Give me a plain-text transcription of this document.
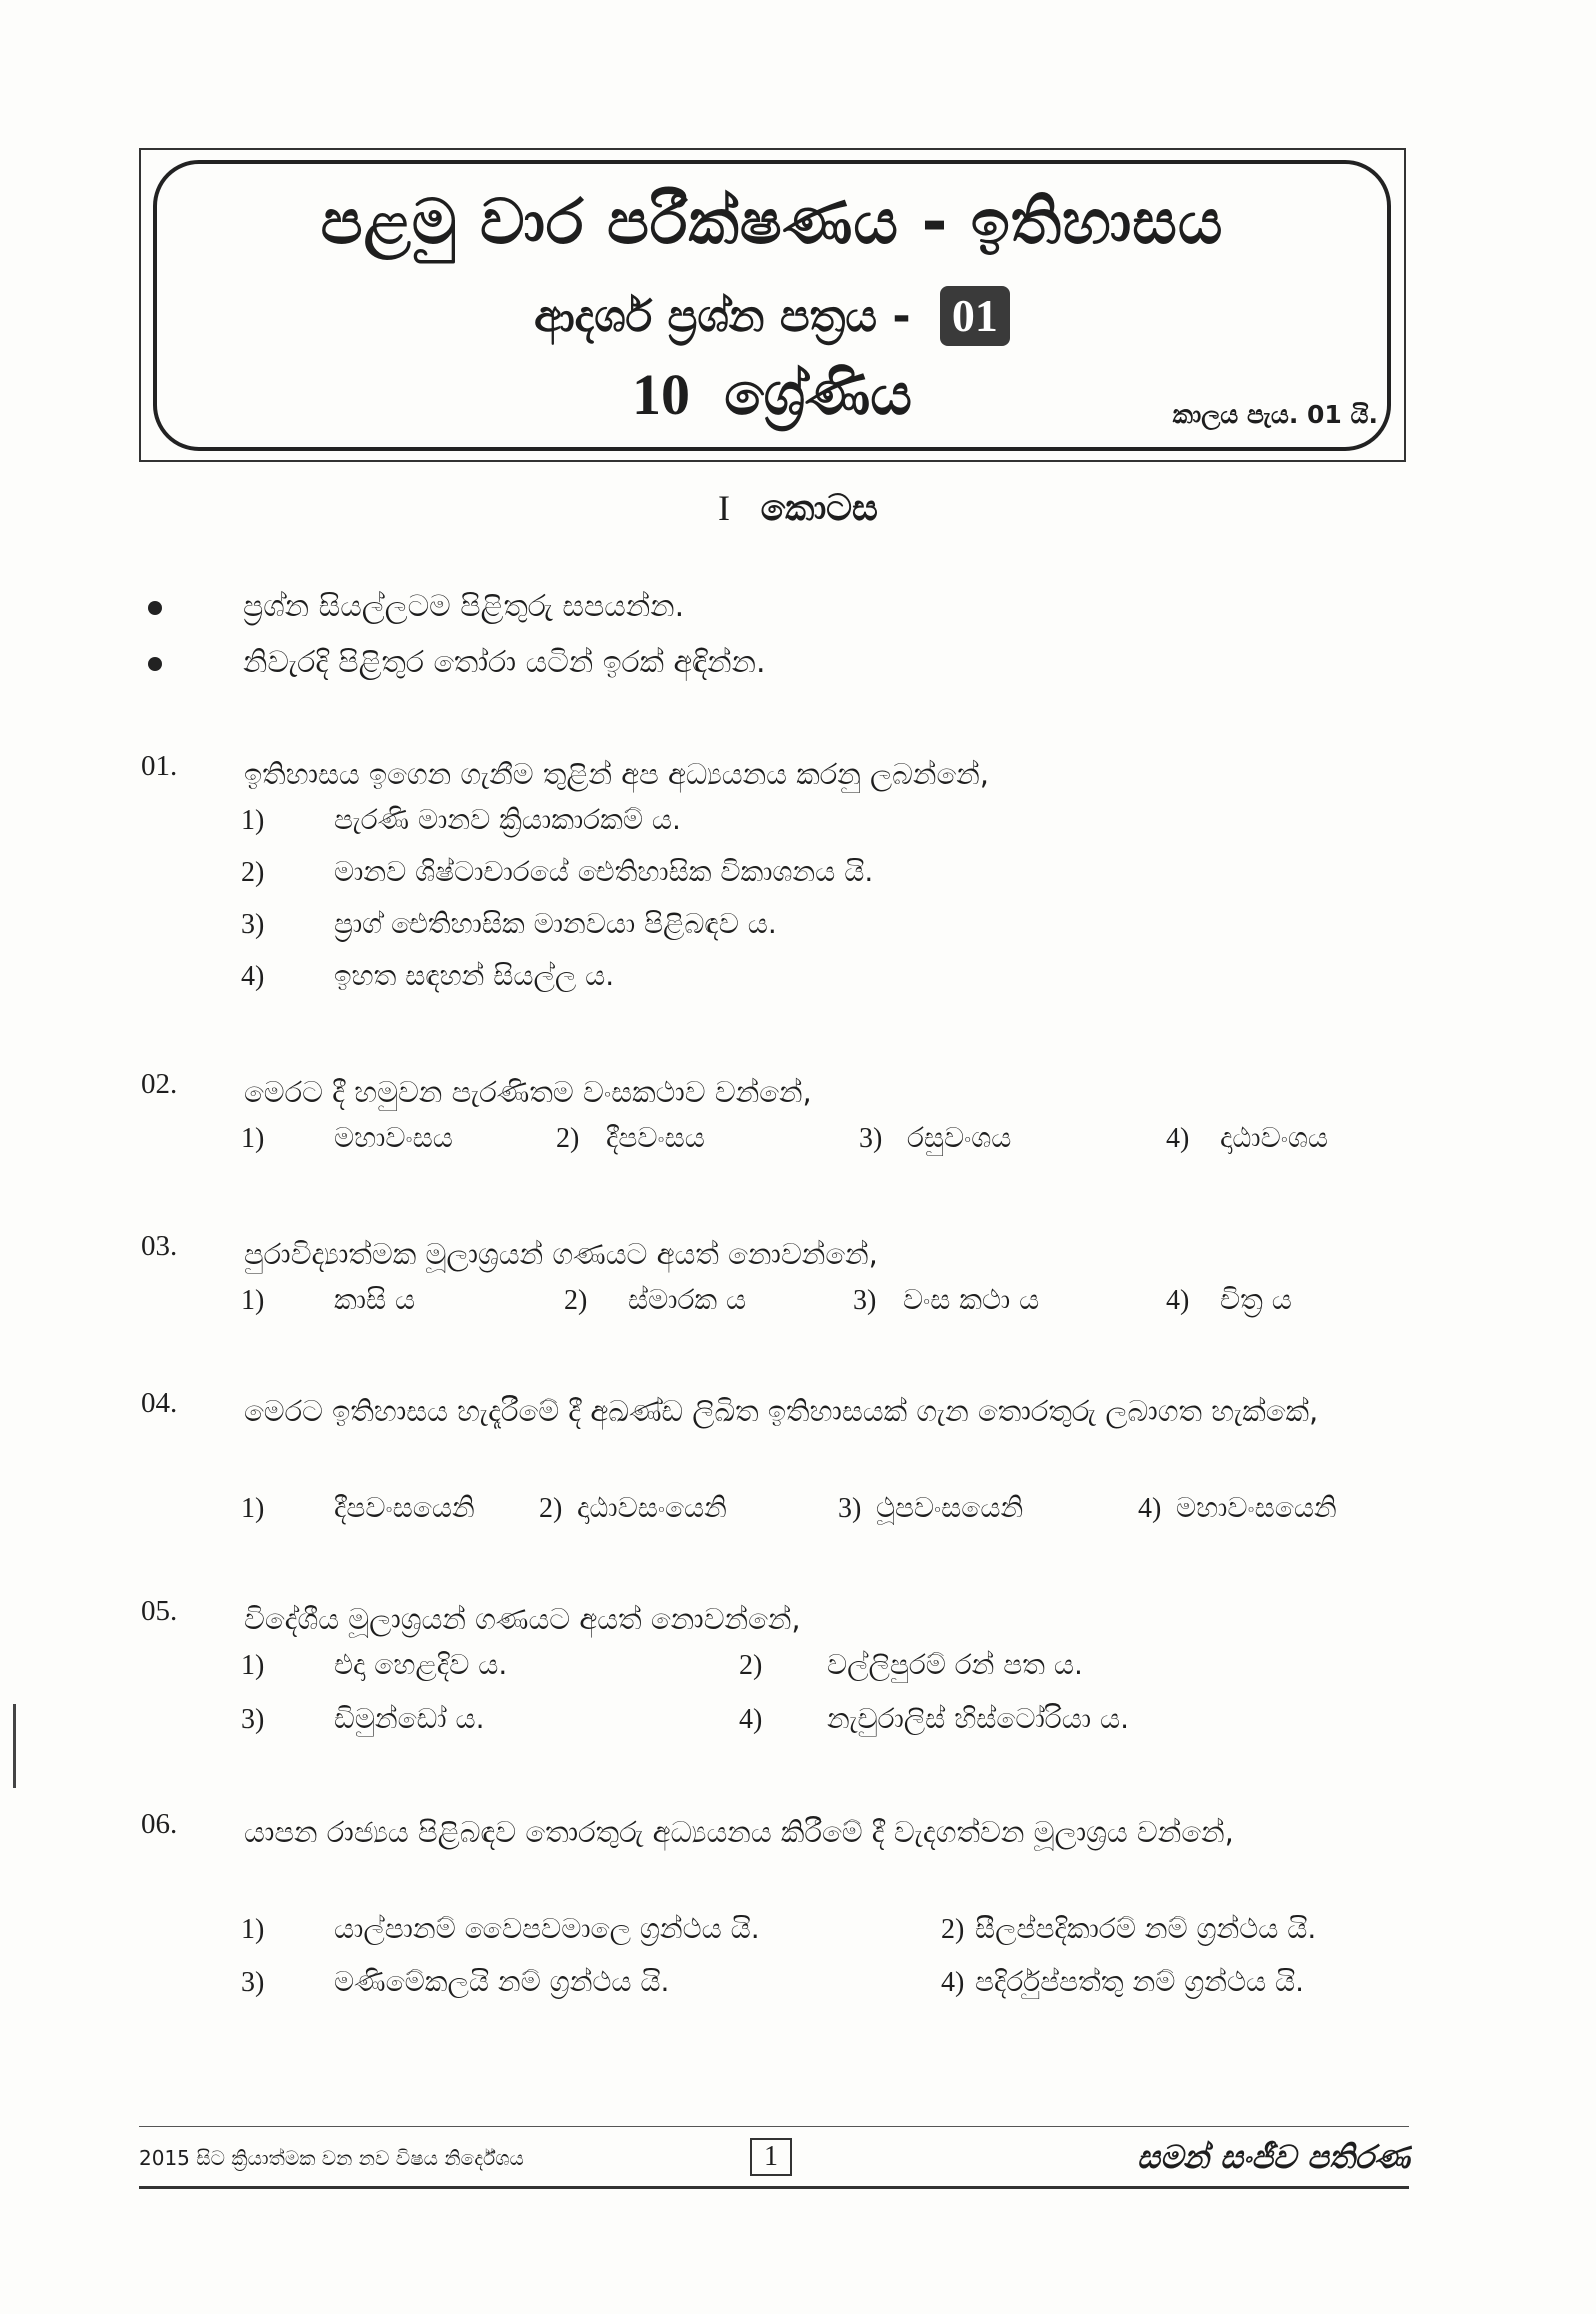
පළමු වාර පරීක්ෂණය - ඉතිහාසය
ආදර්ශ ප්‍රශ්න පත්‍රය - 01
10 ශ්‍රේණිය	කාලය පැය. 01 යි.
I කොටස
ප්‍රශ්න සියල්ලටම පිළිතුරු සපයන්න.
නිවැරදි පිළිතුර තෝරා යටින් ඉරක් අඳින්න.
01. ඉතිහාසය ඉගෙන ගැනීම තුළින් අප අධ්‍යයනය කරනු ලබන්නේ,
1) පැරණි මානව ක්‍රියාකාරකම් ය.
2) මානව ශිෂ්ටාචාරයේ ඓතිහාසික විකාශනය යි.
3) ප්‍රාග් ඓතිහාසික මානවයා පිළිබඳව ය.
4) ඉහත සඳහන් සියල්ල ය.
02. මෙරට දී හමුවන පැරණිතම වංසකථාව වන්නේ,
1) මහාවංසය	2) දීපවංසය	3) රසුවංශය	4) දාඨාවංශය
03. පුරාවිද්‍යාත්මක මූලාශ්‍රයන් ගණයට අයත් නොවන්නේ,
1) කාසි ය	2) ස්මාරක ය	3) වංස කථා ය	4) චිත්‍ර ය
04. මෙරට ඉතිහාසය හැදෑරීමේ දී අඛණ්ඩ ලිඛිත ඉතිහාසයක් ගැන තොරතුරු ලබාගත හැක්කේ,
1) දීපවංසයෙනි 2) දාඨාවසංයෙනි	3) ථූපවංසයෙනි	4) මහාවංසයෙනි
05. විදේශීය මූලාශ්‍රයන් ගණයට අයත් නොවන්නේ,
1) එදා හෙළදිව ය.	2) වල්ලිපුරම් රන් පත ය.
3) ඩිමුන්ඩෝ ය.	4) නැචුරාලිස් හිස්ටෝරියා ය.
06. යාපන රාජ්‍යය පිළිබඳව තොරතුරු අධ්‍යයනය කිරීමේ දී වැදගත්වන මූලාශ්‍රය වන්නේ,
1) යාල්පානම් වෛපවමාලෙ ග්‍රන්ථය යි.	2) සීලප්පදිකාරම් නම් ග්‍රන්ථය යි.
3) මණිමේකලයි නම් ග්‍රන්ථය යි.	4) පදිර්රුප්පත්තු නම් ග්‍රන්ථය යි.
2015 සිට ක්‍රියාත්මක වන නව විෂය නිර්දේශය	1	සමන් සංජීව පතිරණ
